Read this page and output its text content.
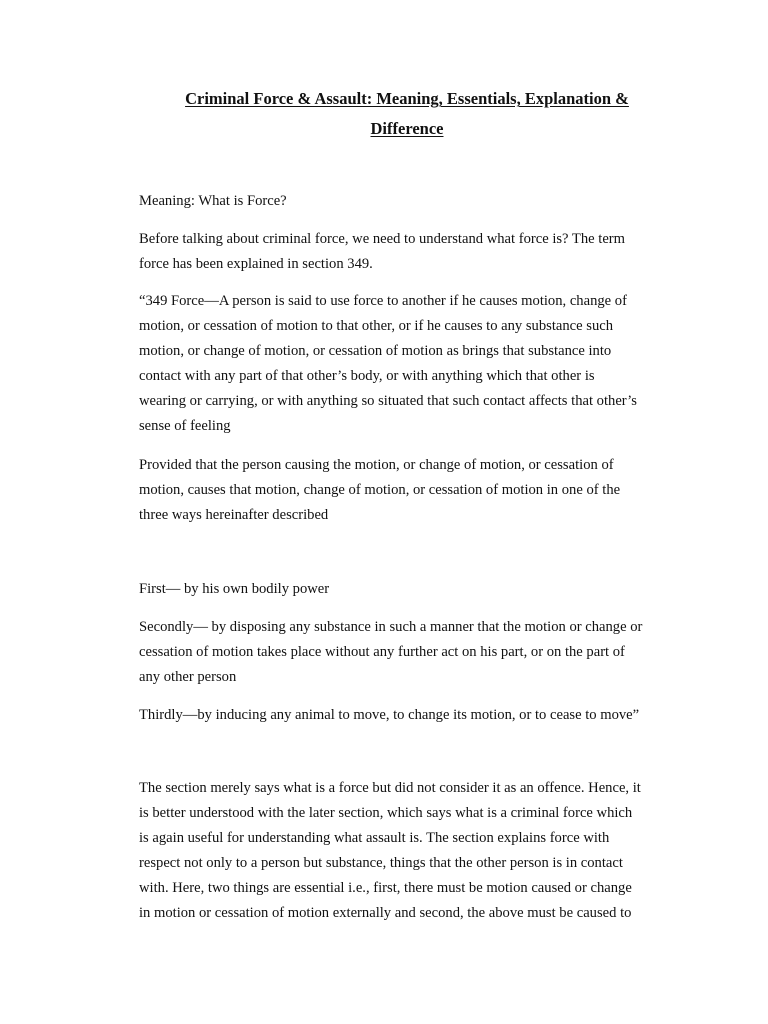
Criminal Force & Assault: Meaning, Essentials, Explanation &
Difference

Meaning: What is Force?

Before talking about criminal force, we need to understand what force is? The term
force has been explained in section 349.

“349 Force—A person is said to use force to another if he causes motion, change of
motion, or cessation of motion to that other, or if he causes to any substance such
motion, or change of motion, or cessation of motion as brings that substance into
contact with any part of that other’s body, or with anything which that other is
wearing or carrying, or with anything so situated that such contact affects that other’s
sense of feeling

Provided that the person causing the motion, or change of motion, or cessation of
motion, causes that motion, change of motion, or cessation of motion in one of the
three ways hereinafter described

First— by his own bodily power

Secondly— by disposing any substance in such a manner that the motion or change or
cessation of motion takes place without any further act on his part, or on the part of
any other person

Thirdly—by inducing any animal to move, to change its motion, or to cease to move”

The section merely says what is a force but did not consider it as an offence. Hence, it
is better understood with the later section, which says what is a criminal force which
is again useful for understanding what assault is. The section explains force with
respect not only to a person but substance, things that the other person is in contact
with. Here, two things are essential i.e., first, there must be motion caused or change
in motion or cessation of motion externally and second, the above must be caused to
